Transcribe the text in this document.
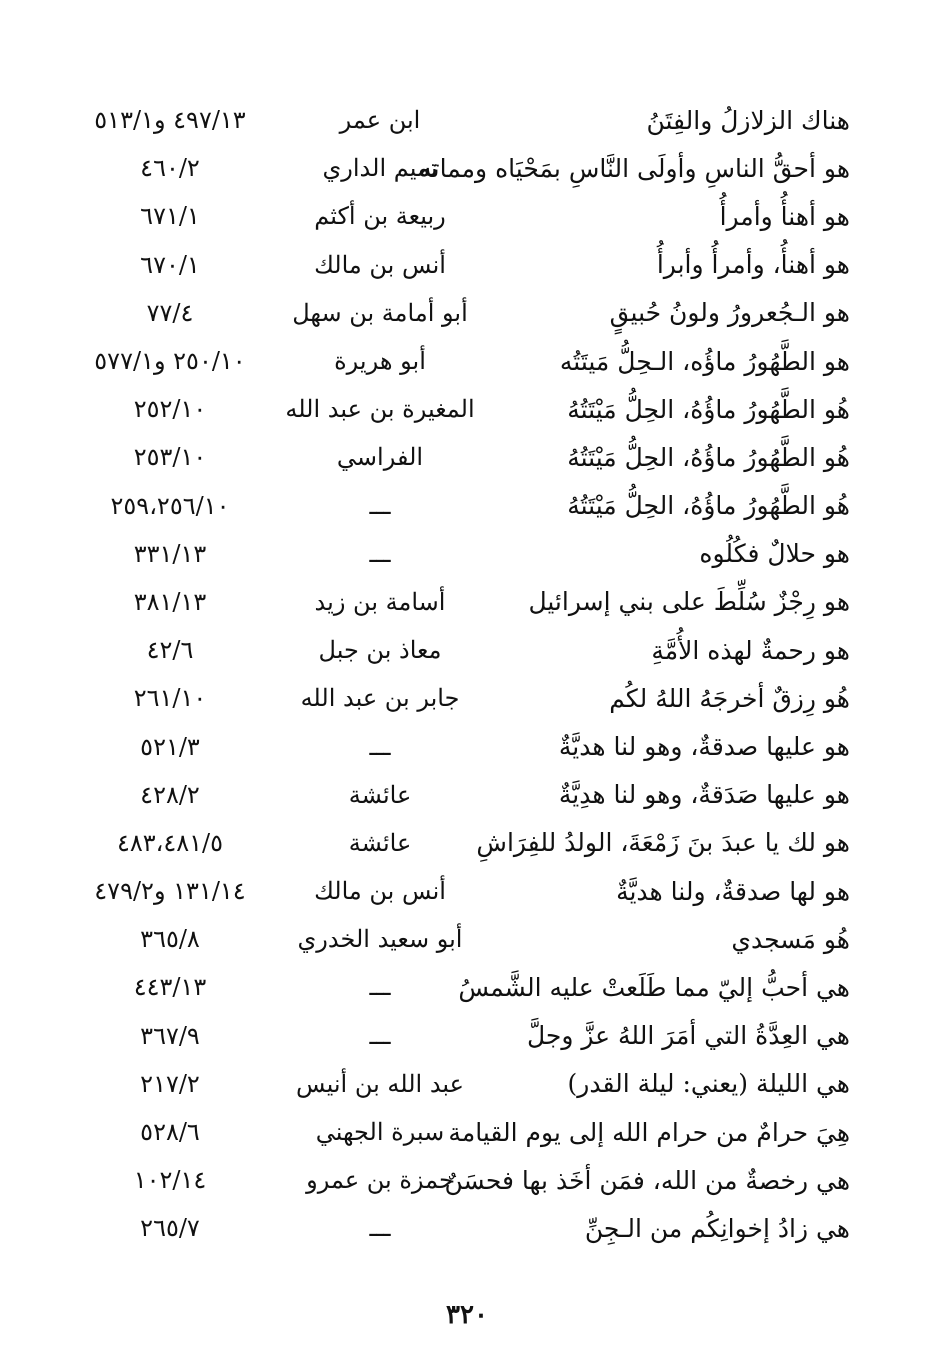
هناك الزلازلُ والفِتَنُ
ابن عمر
٤٩٧/١٣ و٥١٣/١
هو أحقُّ الناسِ وأولَى النَّاسِ بمَحْيَاه ومماته
تميم الداري
٤٦٠/٢
هو أهنأُ وأمرأُ
ربيعة بن أكثم
٦٧١/١
هو أهنأُ، وأمرأُ وأبرأُ
أنس بن مالك
٦٧٠/١
هو الـجُعرورُ ولونُ حُبيقٍ
أبو أمامة بن سهل
٧٧/٤
هو الطَّهُورُ ماؤُه، الـحِلُّ مَيتَتُه
أبو هريرة
٢٥٠/١٠ و٥٧٧/١
هُو الطَّهُورُ ماؤُهُ، الحِلُّ مَيْتَتُهُ
المغيرة بن عبد الله
٢٥٢/١٠
هُو الطَّهُورُ ماؤُهُ، الحِلُّ مَيْتَتُهُ
الفراسي
٢٥٣/١٠
هُو الطَّهُورُ ماؤُهُ، الحِلُّ مَيْتَتُهُ
ـــ
٢٥٩،٢٥٦/١٠
هو حلالٌ فكُلُوه
ـــ
٣٣١/١٣
هو رِجْزٌ سُلِّطَ على بني إسرائيل
أسامة بن زيد
٣٨١/١٣
هو رحمةٌ لهذه الأُمَّةِ
معاذ بن جبل
٤٢/٦
هُو رِزقٌ أخرجَهُ اللهُ لكُم
جابر بن عبد الله
٢٦١/١٠
هو عليها صدقةٌ، وهو لنا هديَّةٌ
ـــ
٥٢١/٣
هو عليها صَدَقةٌ، وهو لنا هدِيَّةٌ
عائشة
٤٢٨/٢
هو لك يا عبدَ بنَ زَمْعَةَ، الولدُ للفِرَاشِ
عائشة
٤٨٣،٤٨١/٥
هو لها صدقةٌ، ولنا هديَّةٌ
أنس بن مالك
١٣١/١٤ و٤٧٩/٢
هُو مَسجدي
أبو سعيد الخدري
٣٦٥/٨
هي أحبُّ إليّ مما طَلَعتْ عليه الشَّمسُ
ـــ
٤٤٣/١٣
هي العِدَّةُ التي أمَرَ اللهُ عزَّ وجلَّ
ـــ
٣٦٧/٩
هي الليلة (يعني: ليلة القدر)
عبد الله بن أنيس
٢١٧/٢
هِيَ حرامٌ من حرام الله إلى يوم القيامة
سبرة الجهني
٥٢٨/٦
هي رخصةٌ من الله، فمَن أخَذ بها فحسَنٌ
حمزة بن عمرو
١٠٢/١٤
هي زادُ إخوانِكُم من الـجِنِّ
ـــ
٢٦٥/٧
٣٢٠
